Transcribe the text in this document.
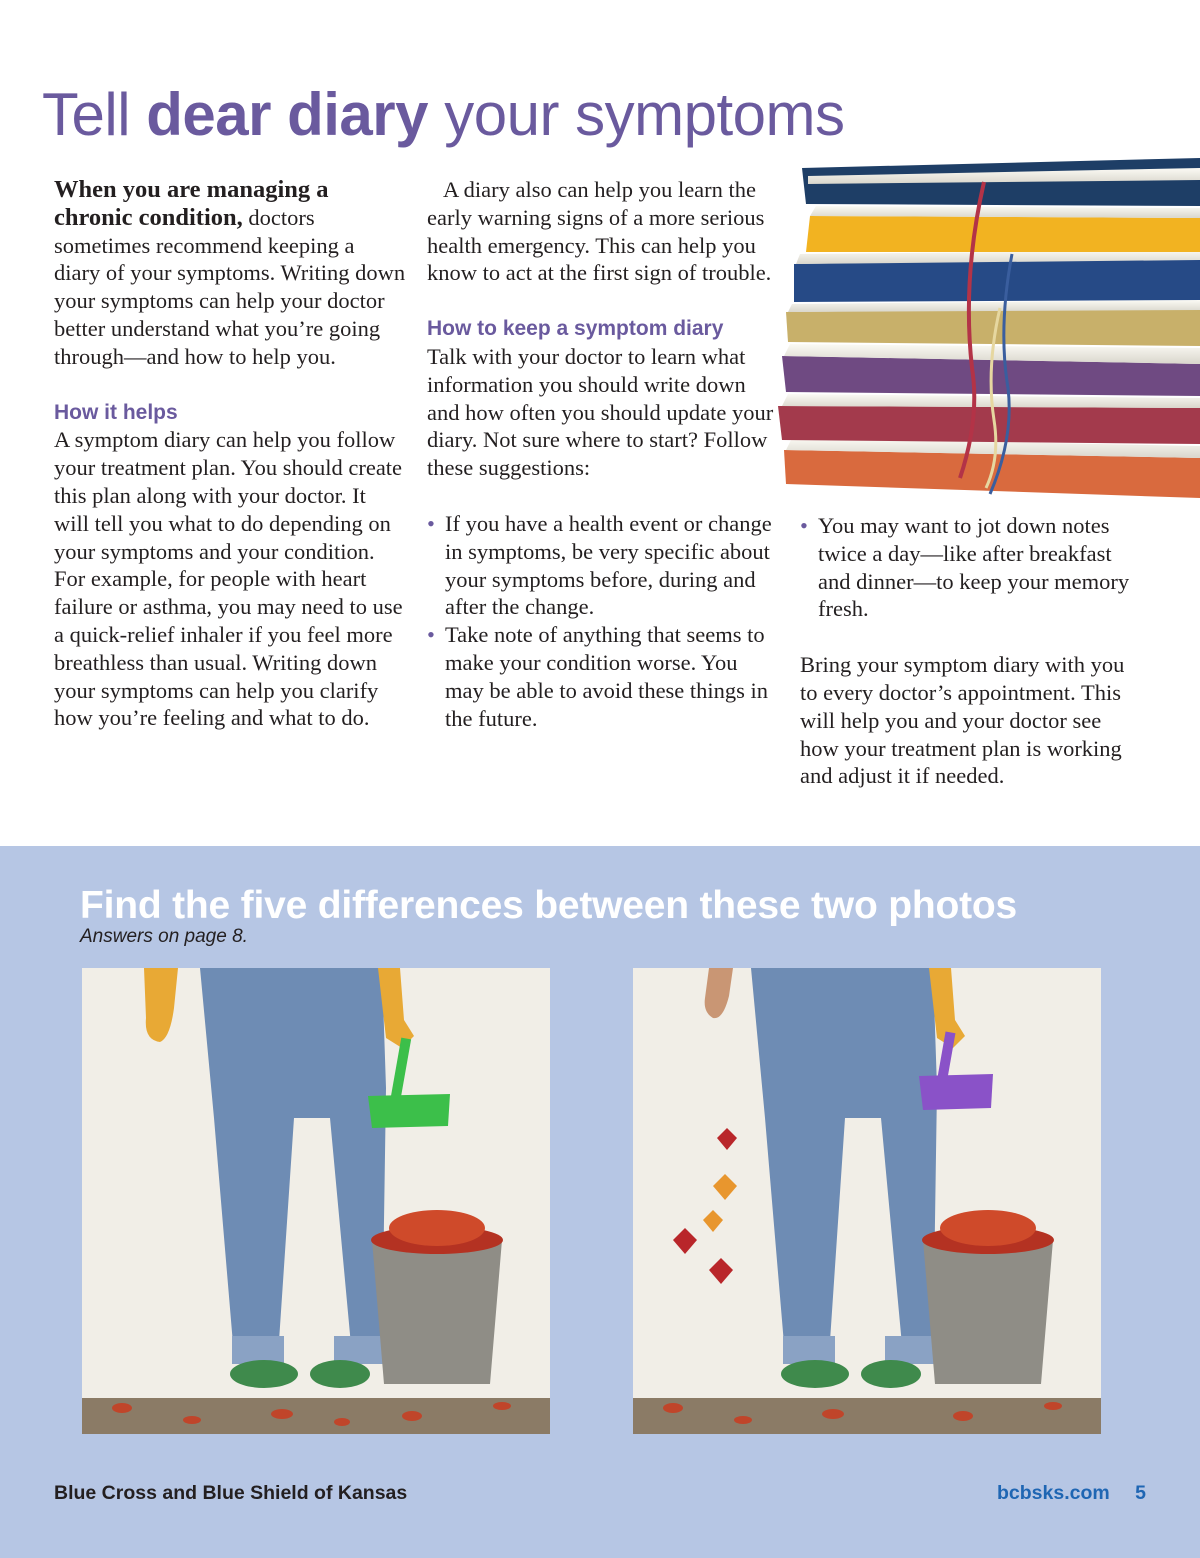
Tell dear diary your symptoms

When you are managing a chronic condition, doctors sometimes recommend keeping a diary of your symptoms. Writing down your symptoms can help your doctor better understand what you’re going through—and how to help you.

How it helps

A symptom diary can help you follow your treatment plan. You should create this plan along with your doctor. It will tell you what to do depending on your symptoms and your condition. For example, for people with heart failure or asthma, you may need to use a quick-relief inhaler if you feel more breathless than usual. Writing down your symptoms can help you clarify how you’re feeling and what to do.

A diary also can help you learn the early warning signs of a more serious health emergency. This can help you know to act at the first sign of trouble.

How to keep a symptom diary

Talk with your doctor to learn what information you should write down and how often you should update your diary. Not sure where to start? Follow these suggestions:

• If you have a health event or change in symptoms, be very specific about your symptoms before, during and after the change.
• Take note of anything that seems to make your condition worse. You may be able to avoid these things in the future.
• You may want to jot down notes twice a day—like after breakfast and dinner—to keep your memory fresh.

Bring your symptom diary with you to every doctor’s appointment. This will help you and your doctor see how your treatment plan is working and adjust it if needed.

Find the five differences between these two photos

Answers on page 8.

Blue Cross and Blue Shield of Kansas	bcbsks.com 5
